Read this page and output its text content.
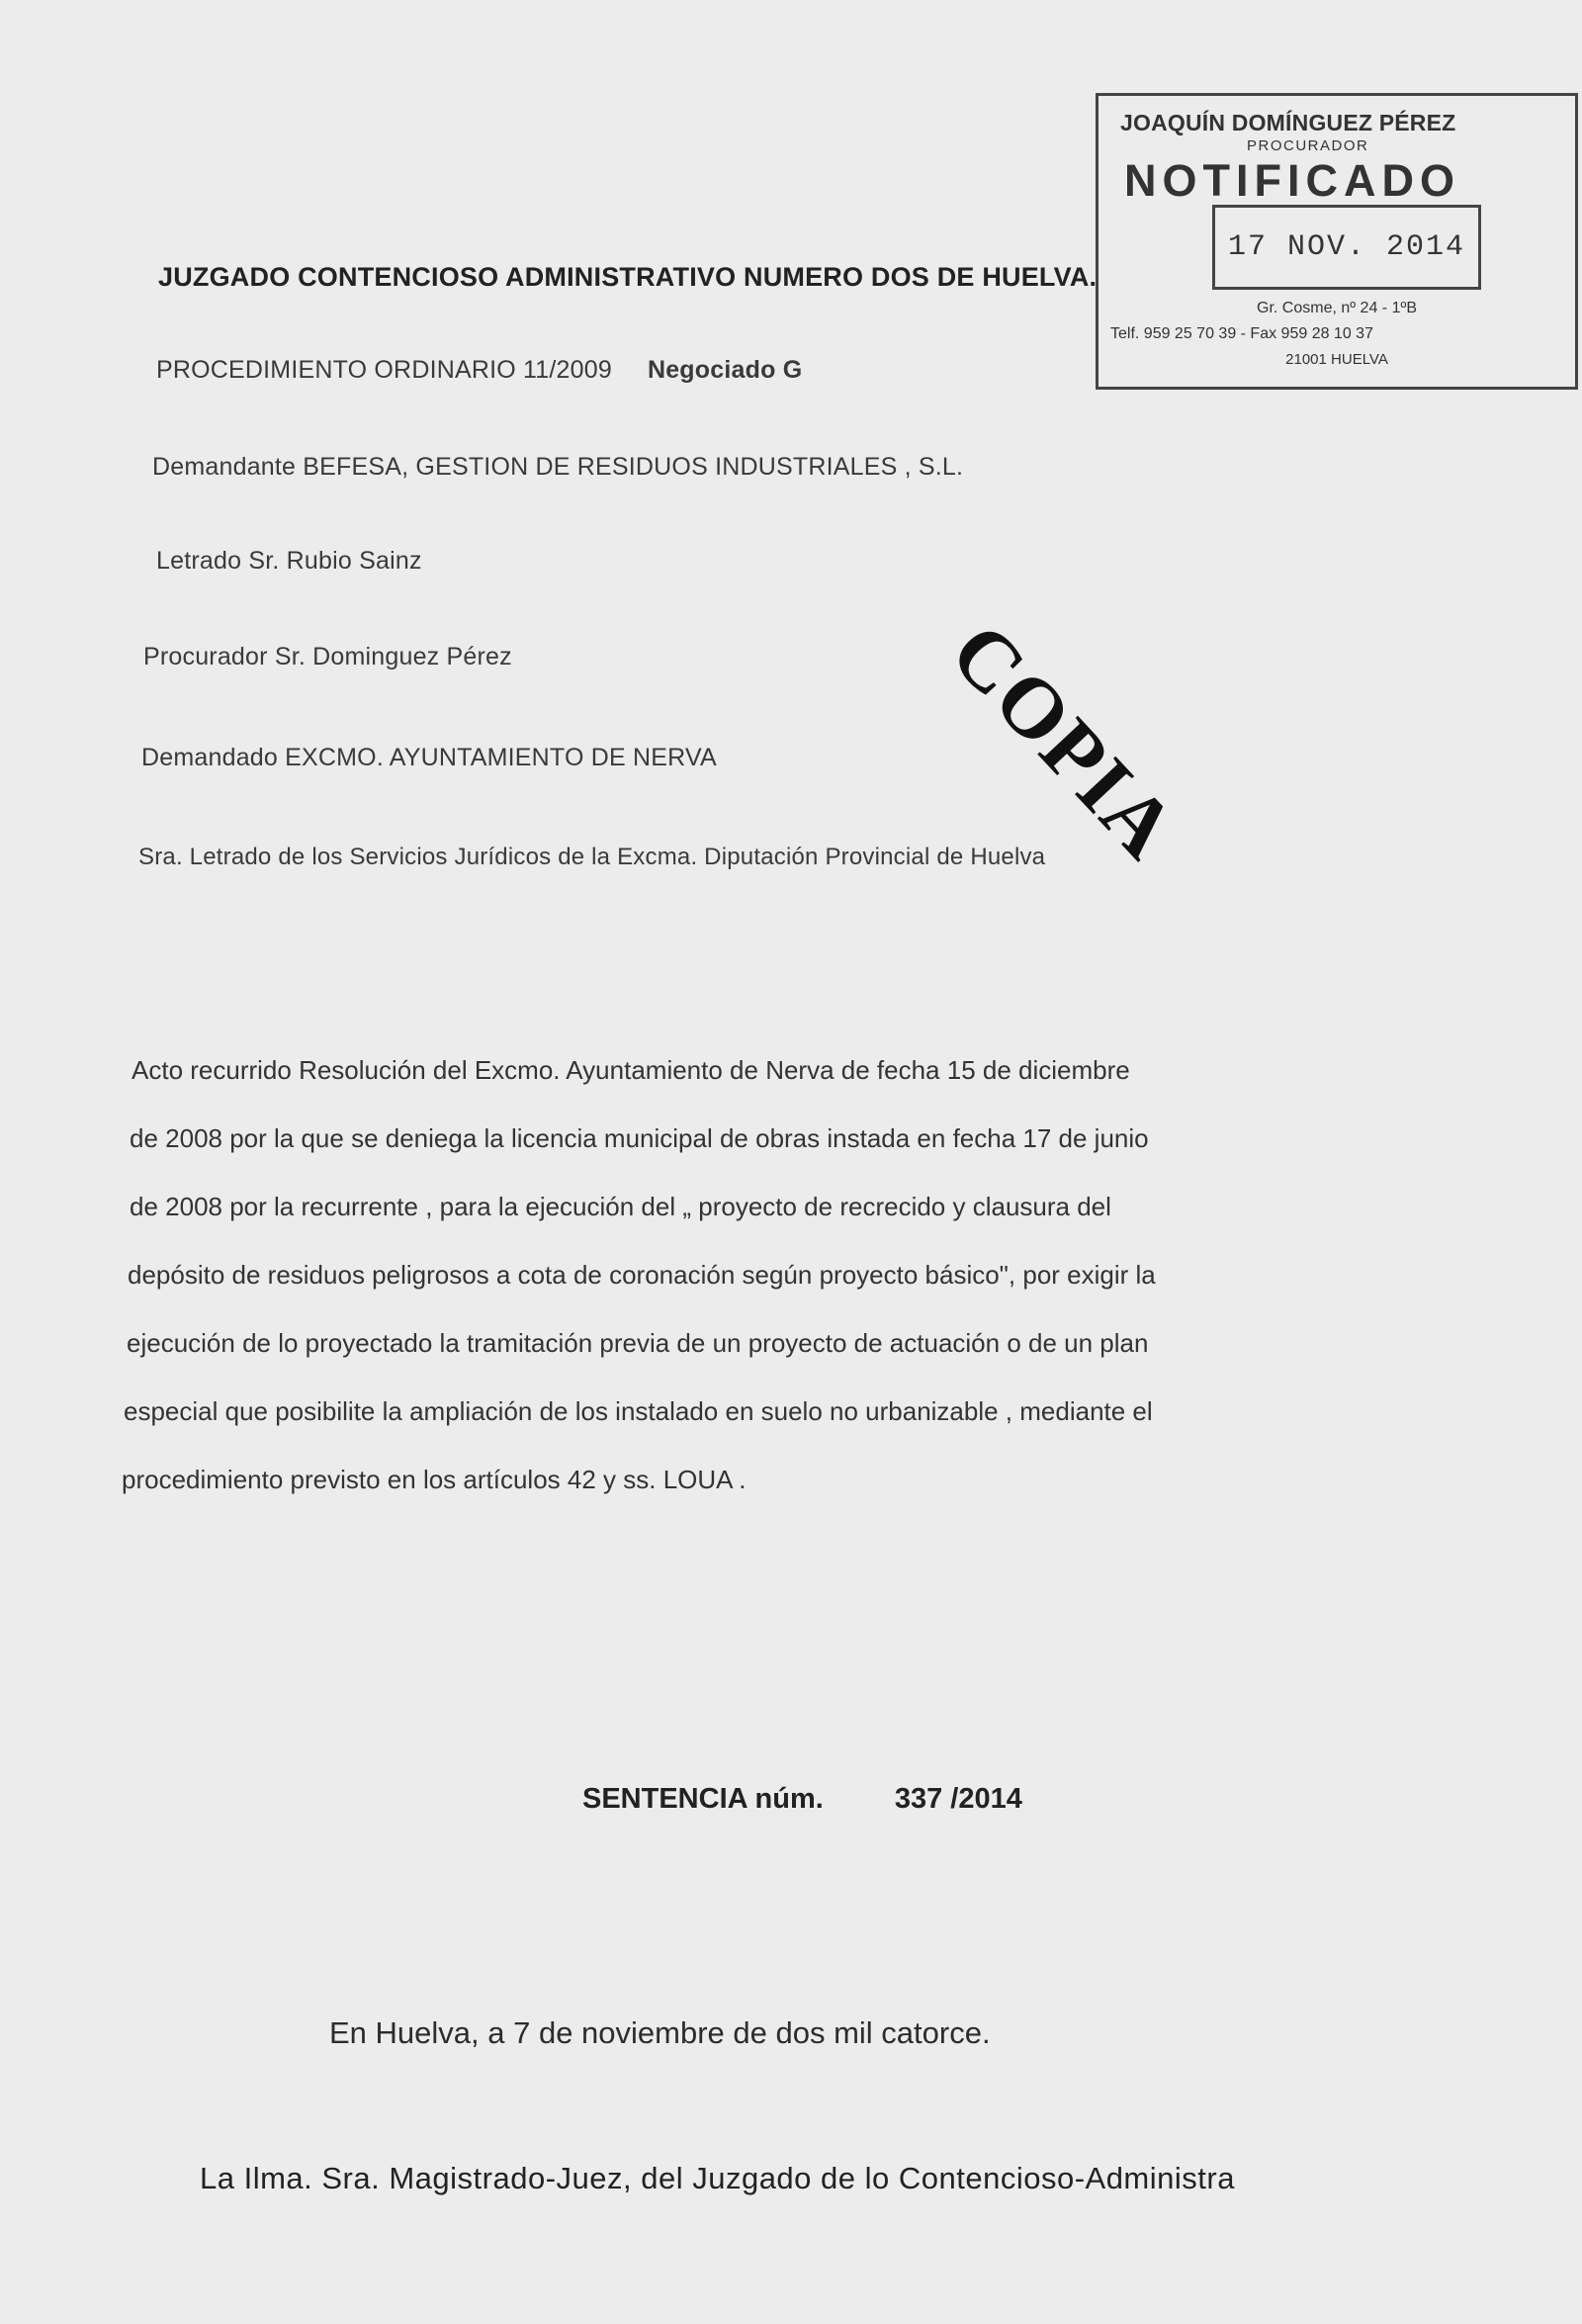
JOAQUÍN DOMÍNGUEZ PÉREZ
PROCURADOR
NOTIFICADO
17 NOV. 2014
Gr. Cosme, nº 24 - 1ºB
Telf. 959 25 70 39 - Fax 959 28 10 37
21001 HUELVA
JUZGADO CONTENCIOSO ADMINISTRATIVO NUMERO DOS DE HUELVA.
PROCEDIMIENTO ORDINARIO 11/2009 Negociado G
Demandante BEFESA, GESTION DE RESIDUOS INDUSTRIALES , S.L.
Letrado Sr. Rubio Sainz
Procurador Sr. Dominguez Pérez
Demandado EXCMO. AYUNTAMIENTO DE NERVA
Sra. Letrado de los Servicios Jurídicos de la Excma. Diputación Provincial de Huelva
COPIA
Acto recurrido Resolución del Excmo. Ayuntamiento de Nerva de fecha 15 de diciembre
de 2008 por la que se deniega la licencia municipal de obras instada en fecha 17 de junio
de 2008 por la recurrente , para la ejecución del „ proyecto de recrecido y clausura del
depósito de residuos peligrosos a cota de coronación según proyecto básico", por exigir la
ejecución de lo proyectado la tramitación previa de un proyecto de actuación o de un plan
especial que posibilite la ampliación de los instalado en suelo no urbanizable , mediante el
procedimiento previsto en los artículos 42 y ss. LOUA .
SENTENCIA núm. 337 /2014
En Huelva, a 7 de noviembre de dos mil catorce.
La Ilma. Sra. Magistrado-Juez, del Juzgado de lo Contencioso-Administra
